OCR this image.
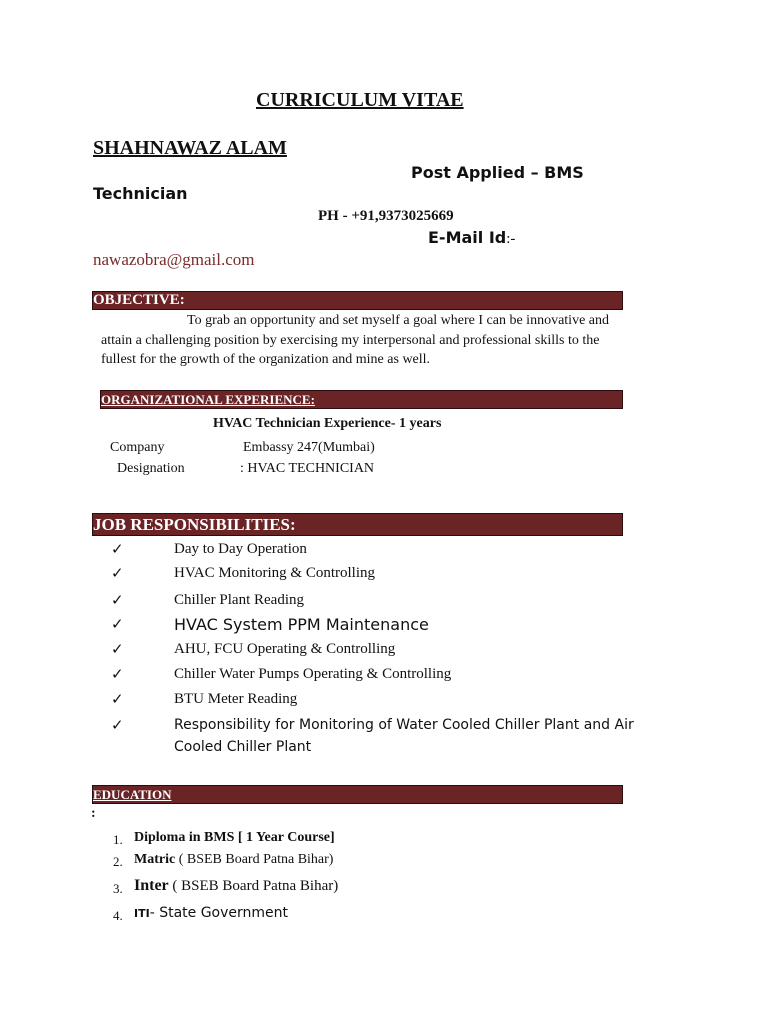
CURRICULUM VITAE
SHAHNAWAZ ALAM
Post Applied – BMS
Technician
PH - +91,9373025669
E-Mail Id:-
nawazobra@gmail.com
OBJECTIVE:
To grab an opportunity and set myself a goal where I can be innovative and
attain a challenging position by exercising my interpersonal and professional skills to the
fullest for the growth of the organization and mine as well.
ORGANIZATIONAL EXPERIENCE:
HVAC Technician Experience- 1 years
Company	Embassy 247(Mumbai)
Designation	: HVAC TECHNICIAN
JOB RESPONSIBILITIES:
✓	Day to Day Operation
✓	HVAC Monitoring & Controlling
✓	Chiller Plant Reading
✓	HVAC System PPM Maintenance
✓	AHU, FCU Operating & Controlling
✓	Chiller Water Pumps Operating & Controlling
✓	BTU Meter Reading
✓	Responsibility for Monitoring of Water Cooled Chiller Plant and Air
Cooled Chiller Plant
EDUCATION
:
1. Diploma in BMS [ 1 Year Course]
2. Matric ( BSEB Board Patna Bihar)
3. Inter ( BSEB Board Patna Bihar)
4. ITI- State Government
